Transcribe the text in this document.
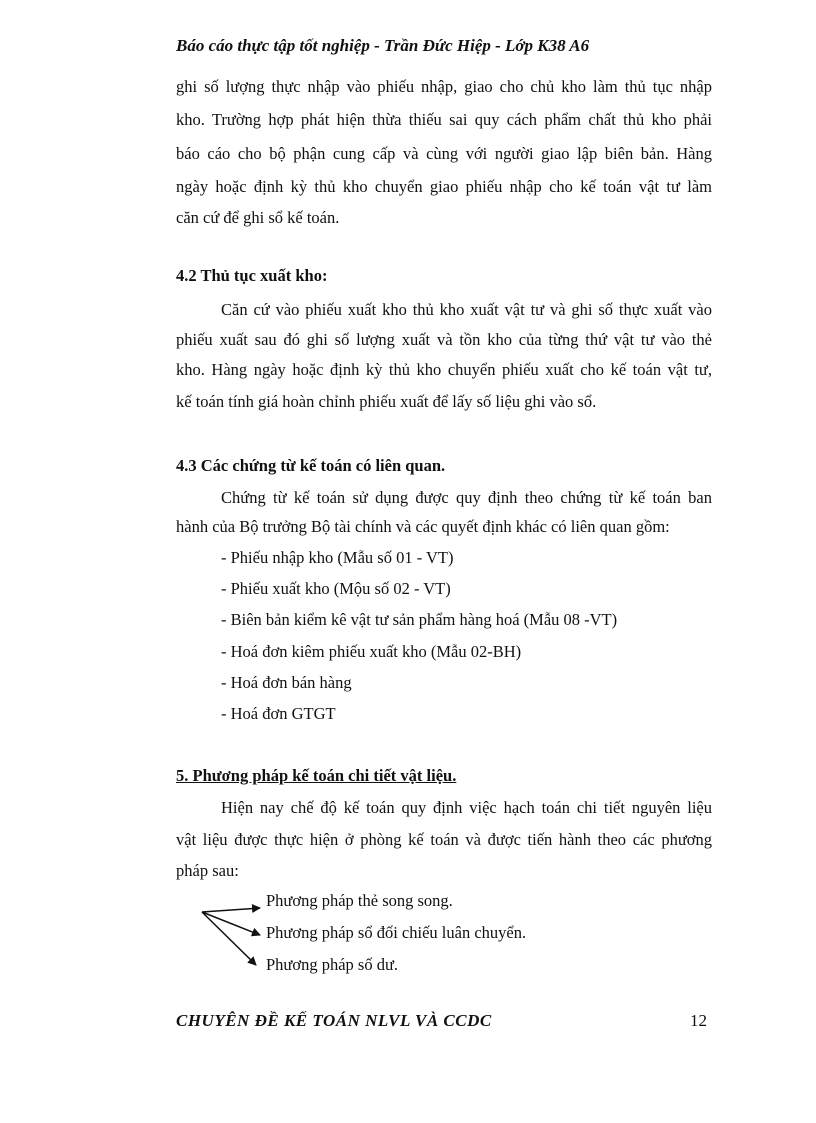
Báo cáo thực tập tốt nghiệp - Trần Đức Hiệp - Lớp K38 A6
ghi số lượng thực nhập vào phiếu nhập, giao cho chủ kho làm thủ tục nhập
kho. Trường hợp phát hiện thừa thiếu sai quy cách phẩm chất thủ kho phải
báo cáo cho bộ phận cung cấp và cùng với người giao lập biên bản. Hàng
ngày hoặc định kỳ thủ kho chuyển giao phiếu nhập cho kế toán vật tư làm
căn cứ để ghi sổ kế toán.
4.2 Thủ tục xuất kho:
Căn cứ vào phiếu xuất kho thủ kho xuất vật tư và ghi số thực xuất vào
phiếu xuất sau đó ghi số lượng xuất và tồn kho của từng thứ vật tư vào thẻ
kho. Hàng ngày hoặc định kỳ thủ kho chuyển phiếu xuất cho kế toán vật tư,
kế toán tính giá hoàn chỉnh phiếu xuất để lấy số liệu ghi vào sổ.
4.3 Các chứng từ kế toán có liên quan.
Chứng từ kế toán sử dụng được quy định theo chứng từ kế toán ban
hành của Bộ trưởng Bộ tài chính và các quyết định khác có liên quan gồm:
- Phiếu nhập kho (Mẫu số 01 - VT)
- Phiếu xuất kho (Mộu số 02 - VT)
- Biên bản kiểm kê vật tư sản phẩm hàng hoá (Mẫu 08 -VT)
- Hoá đơn kiêm phiếu xuất kho (Mẫu 02-BH)
- Hoá đơn bán hàng
- Hoá đơn GTGT
5. Phương pháp kế toán chi tiết vật liệu.
Hiện nay chế độ kế toán quy định việc hạch toán chi tiết nguyên liệu
vật liệu được thực hiện ở phòng kế toán và được tiến hành theo các phương
pháp sau:
Phương pháp thẻ song song.
Phương pháp sổ đối chiếu luân chuyển.
Phương pháp số dư.
CHUYÊN ĐỀ KẾ TOÁN NLVL VÀ CCDC	12
